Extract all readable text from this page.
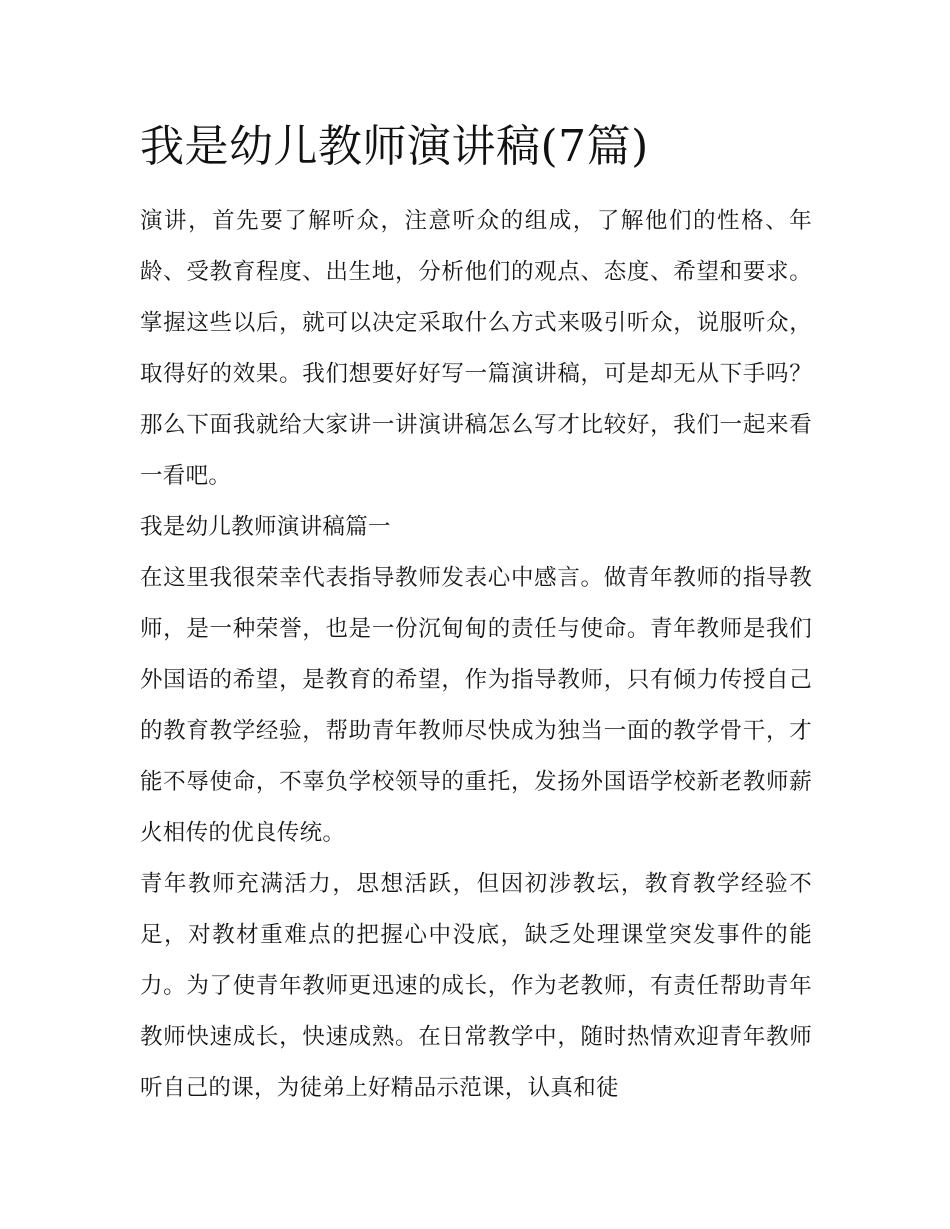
我是幼儿教师演讲稿(7篇)

演讲，首先要了解听众，注意听众的组成，了解他们的性格、年龄、受教育程度、出生地，分析他们的观点、态度、希望和要求。掌握这些以后，就可以决定采取什么方式来吸引听众，说服听众，取得好的效果。我们想要好好写一篇演讲稿，可是却无从下手吗？那么下面我就给大家讲一讲演讲稿怎么写才比较好，我们一起来看一看吧。

我是幼儿教师演讲稿篇一

在这里我很荣幸代表指导教师发表心中感言。做青年教师的指导教师，是一种荣誉，也是一份沉甸甸的责任与使命。青年教师是我们外国语的希望，是教育的希望，作为指导教师，只有倾力传授自己的教育教学经验，帮助青年教师尽快成为独当一面的教学骨干，才能不辱使命，不辜负学校领导的重托，发扬外国语学校新老教师薪火相传的优良传统。

青年教师充满活力，思想活跃，但因初涉教坛，教育教学经验不足，对教材重难点的把握心中没底，缺乏处理课堂突发事件的能力。为了使青年教师更迅速的成长，作为老教师，有责任帮助青年教师快速成长，快速成熟。在日常教学中，随时热情欢迎青年教师听自己的课，为徒弟上好精品示范课，认真和徒
